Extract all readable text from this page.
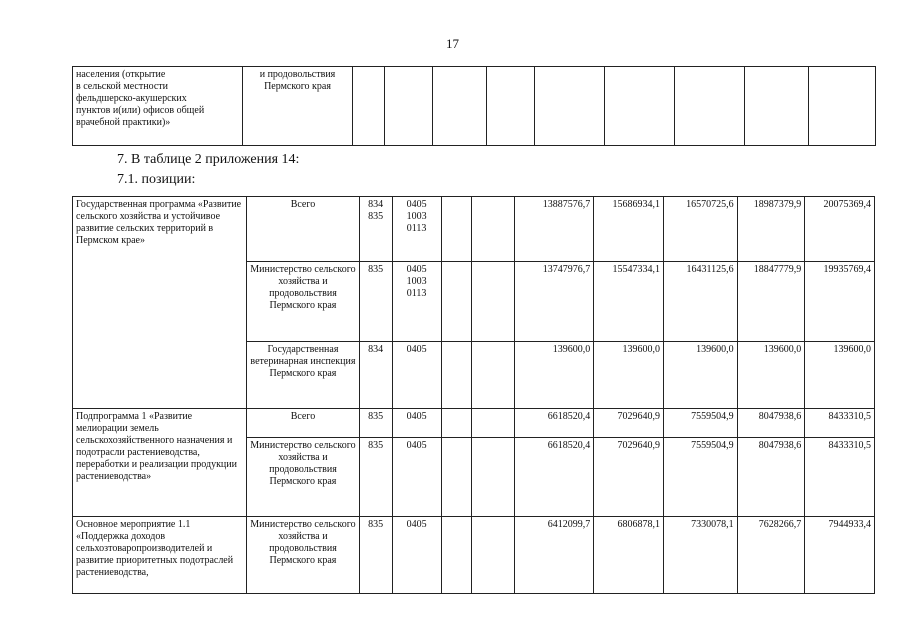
17
населения (открытие
в сельской местности
фельдшерско-акушерских
пунктов и(или) офисов общей
врачебной практики)»	и продовольствия
Пермского края									
7. В таблице 2 приложения 14:
7.1. позиции:
Государственная программа «Развитие сельского хозяйства и устойчивое развитие сельских территорий в Пермском крае»	Всего	834
835	0405
1003
0113			13887576,7	15686934,1	16570725,6	18987379,9	20075369,4
	Министерство сельского хозяйства и продовольствия Пермского края	835	0405
1003
0113			13747976,7	15547334,1	16431125,6	18847779,9	19935769,4
	Государственная ветеринарная инспекция Пермского края	834	0405			139600,0	139600,0	139600,0	139600,0	139600,0
Подпрограмма 1 «Развитие мелиорации земель сельскохозяйственного назначения и подотрасли растениеводства, переработки и реализации продукции растениеводства»	Всего	835	0405			6618520,4	7029640,9	7559504,9	8047938,6	8433310,5
	Министерство сельского хозяйства и продовольствия Пермского края	835	0405			6618520,4	7029640,9	7559504,9	8047938,6	8433310,5
Основное мероприятие 1.1 «Поддержка доходов сельхозтоваропроизводителей и развитие приоритетных подотраслей растениеводства,	Министерство сельского хозяйства и продовольствия Пермского края	835	0405			6412099,7	6806878,1	7330078,1	7628266,7	7944933,4
